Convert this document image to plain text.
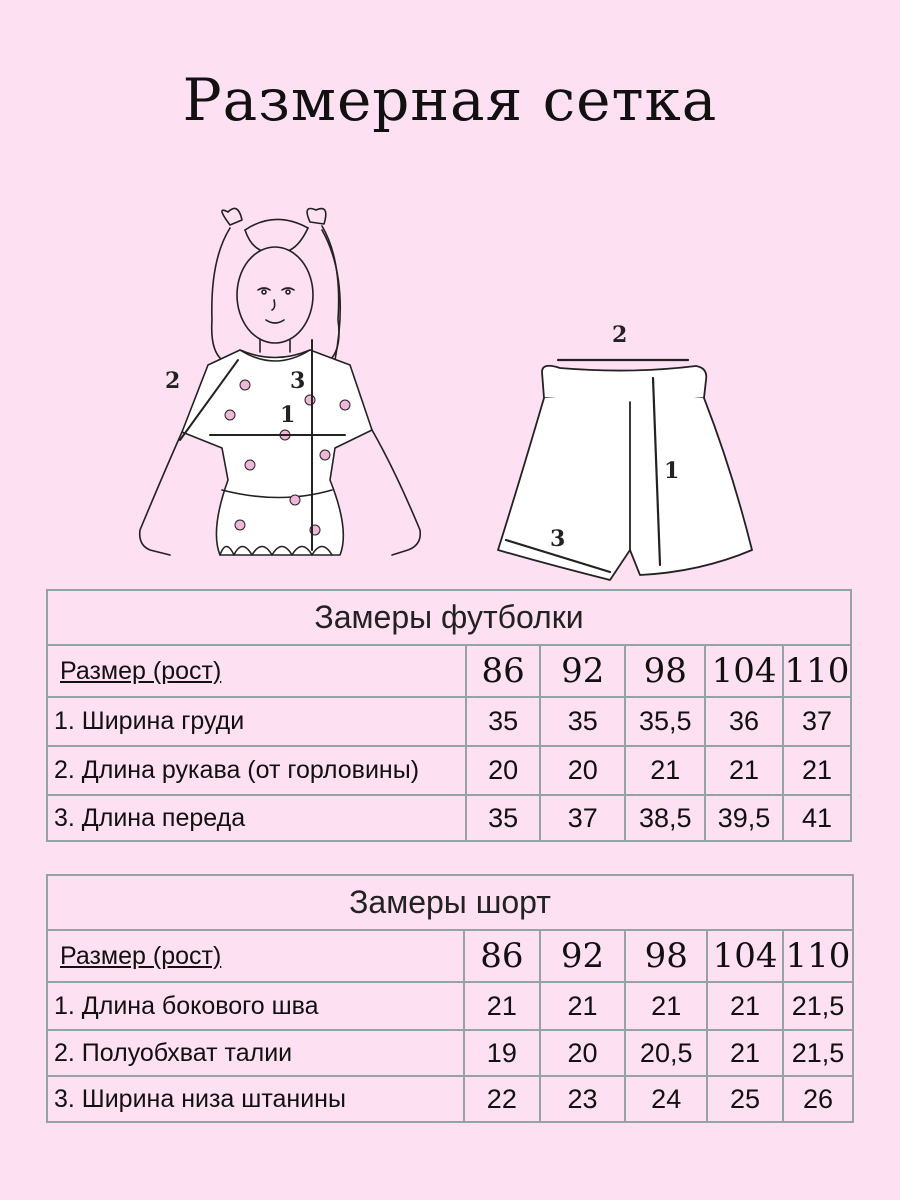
Размерная сетка
1
2	3
2
1
3
Замеры футболки					
Размер (рост)	86	92	98	104	110
1. Ширина груди	35	35	35,5	36	37
2. Длина рукава (от горловины)	20	20	21	21	21
3. Длина переда	35	37	38,5	39,5	41
Замеры шорт					
Размер (рост)	86	92	98	104	110
1. Длина бокового шва	21	21	21	21	21,5
2. Полуобхват талии	19	20	20,5	21	21,5
3. Ширина низа штанины	22	23	24	25	26
